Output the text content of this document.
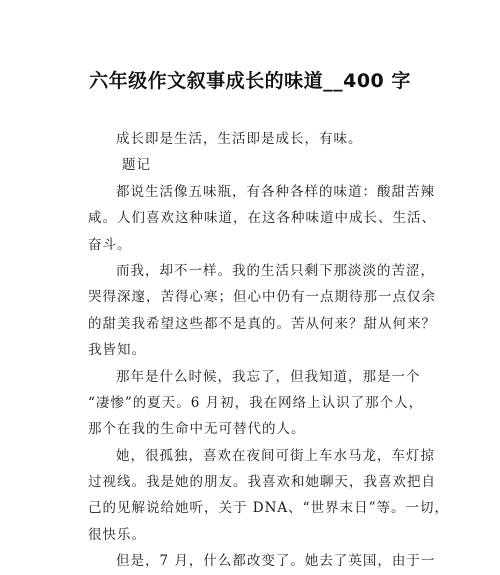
六年级作文叙事成长的味道__400 字
成长即是生活，生活即是成长，有味。
题记
都说生活像五味瓶，有各种各样的味道：酸甜苦辣
咸。人们喜欢这种味道，在这各种味道中成长、生活、
奋斗。
而我，却不一样。我的生活只剩下那淡淡的苦涩，
哭得深邃，苦得心寒；但心中仍有一点期待那一点仅余
的甜美我希望这些都不是真的。苦从何来？甜从何来？
我皆知。
那年是什么时候，我忘了，但我知道，那是一个
“凄惨”的夏天。6 月初，我在网络上认识了那个人，
那个在我的生命中无可替代的人。
她，很孤独，喜欢在夜间可街上车水马龙，车灯掠
过视线。我是她的朋友。我喜欢和她聊天，我喜欢把自
己的见解说给她听，关于 DNA、“世界末日”等。一切，
很快乐。
但是，7 月，什么都改变了。她去了英国，由于一
